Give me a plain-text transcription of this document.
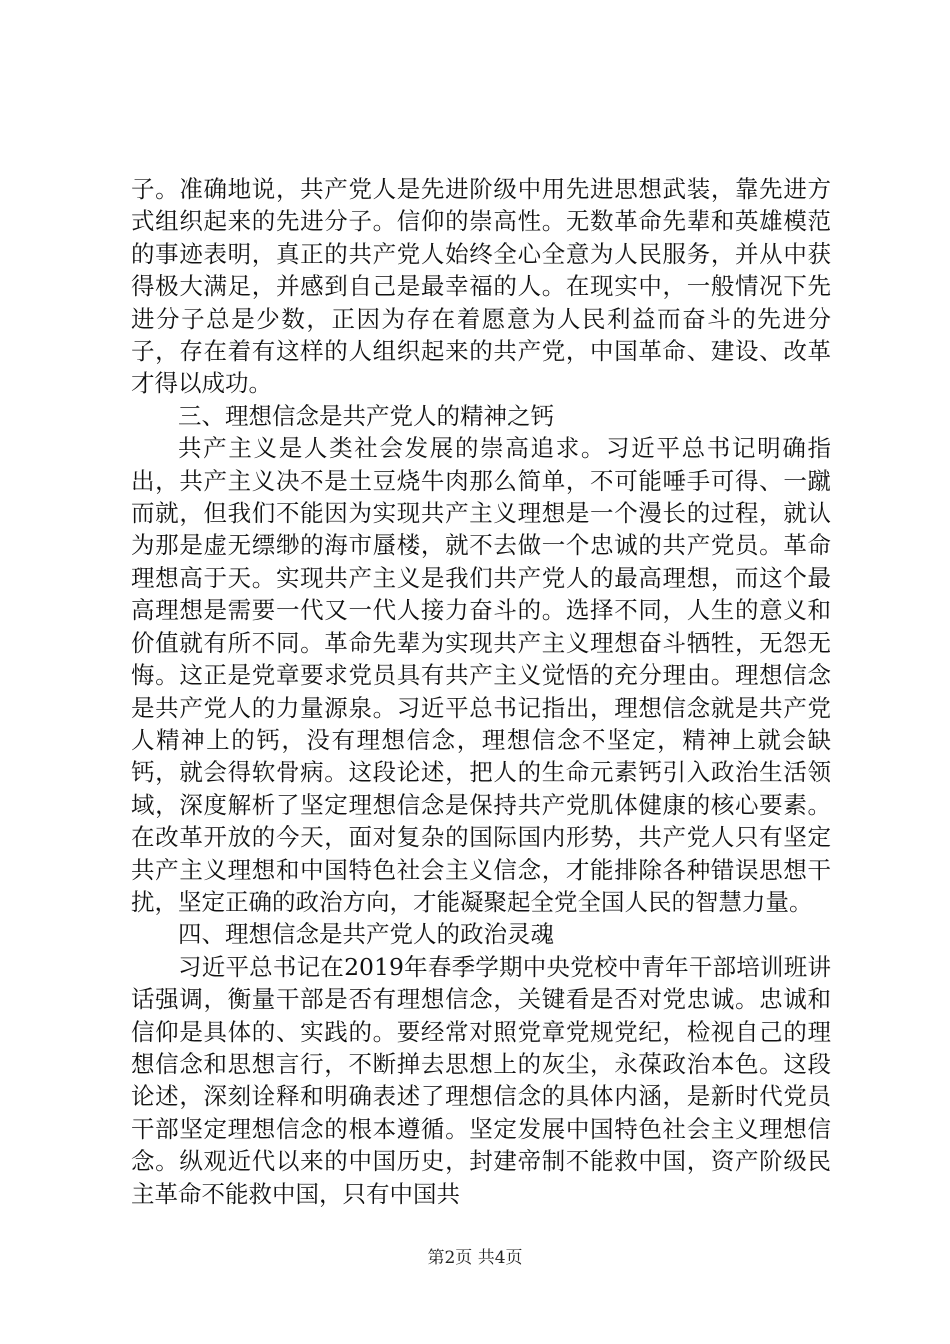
子。准确地说，共产党人是先进阶级中用先进思想武装，靠先进方式组织起来的先进分子。信仰的崇高性。无数革命先辈和英雄模范的事迹表明，真正的共产党人始终全心全意为人民服务，并从中获得极大满足，并感到自己是最幸福的人。在现实中，一般情况下先进分子总是少数，正因为存在着愿意为人民利益而奋斗的先进分子，存在着有这样的人组织起来的共产党，中国革命、建设、改革才得以成功。

三、理想信念是共产党人的精神之钙

共产主义是人类社会发展的崇高追求。习近平总书记明确指出，共产主义决不是土豆烧牛肉那么简单，不可能唾手可得、一蹴而就，但我们不能因为实现共产主义理想是一个漫长的过程，就认为那是虚无缥缈的海市蜃楼，就不去做一个忠诚的共产党员。革命理想高于天。实现共产主义是我们共产党人的最高理想，而这个最高理想是需要一代又一代人接力奋斗的。选择不同，人生的意义和价值就有所不同。革命先辈为实现共产主义理想奋斗牺牲，无怨无悔。这正是党章要求党员具有共产主义觉悟的充分理由。理想信念是共产党人的力量源泉。习近平总书记指出，理想信念就是共产党人精神上的钙，没有理想信念，理想信念不坚定，精神上就会缺钙，就会得软骨病。这段论述，把人的生命元素钙引入政治生活领域，深度解析了坚定理想信念是保持共产党肌体健康的核心要素。在改革开放的今天，面对复杂的国际国内形势，共产党人只有坚定共产主义理想和中国特色社会主义信念，才能排除各种错误思想干扰，坚定正确的政治方向，才能凝聚起全党全国人民的智慧力量。

四、理想信念是共产党人的政治灵魂

习近平总书记在2019年春季学期中央党校中青年干部培训班讲话强调，衡量干部是否有理想信念，关键看是否对党忠诚。忠诚和信仰是具体的、实践的。要经常对照党章党规党纪，检视自己的理想信念和思想言行，不断掸去思想上的灰尘，永葆政治本色。这段论述，深刻诠释和明确表述了理想信念的具体内涵，是新时代党员干部坚定理想信念的根本遵循。坚定发展中国特色社会主义理想信念。纵观近代以来的中国历史，封建帝制不能救中国，资产阶级民主革命不能救中国，只有中国共

第2页 共4页
